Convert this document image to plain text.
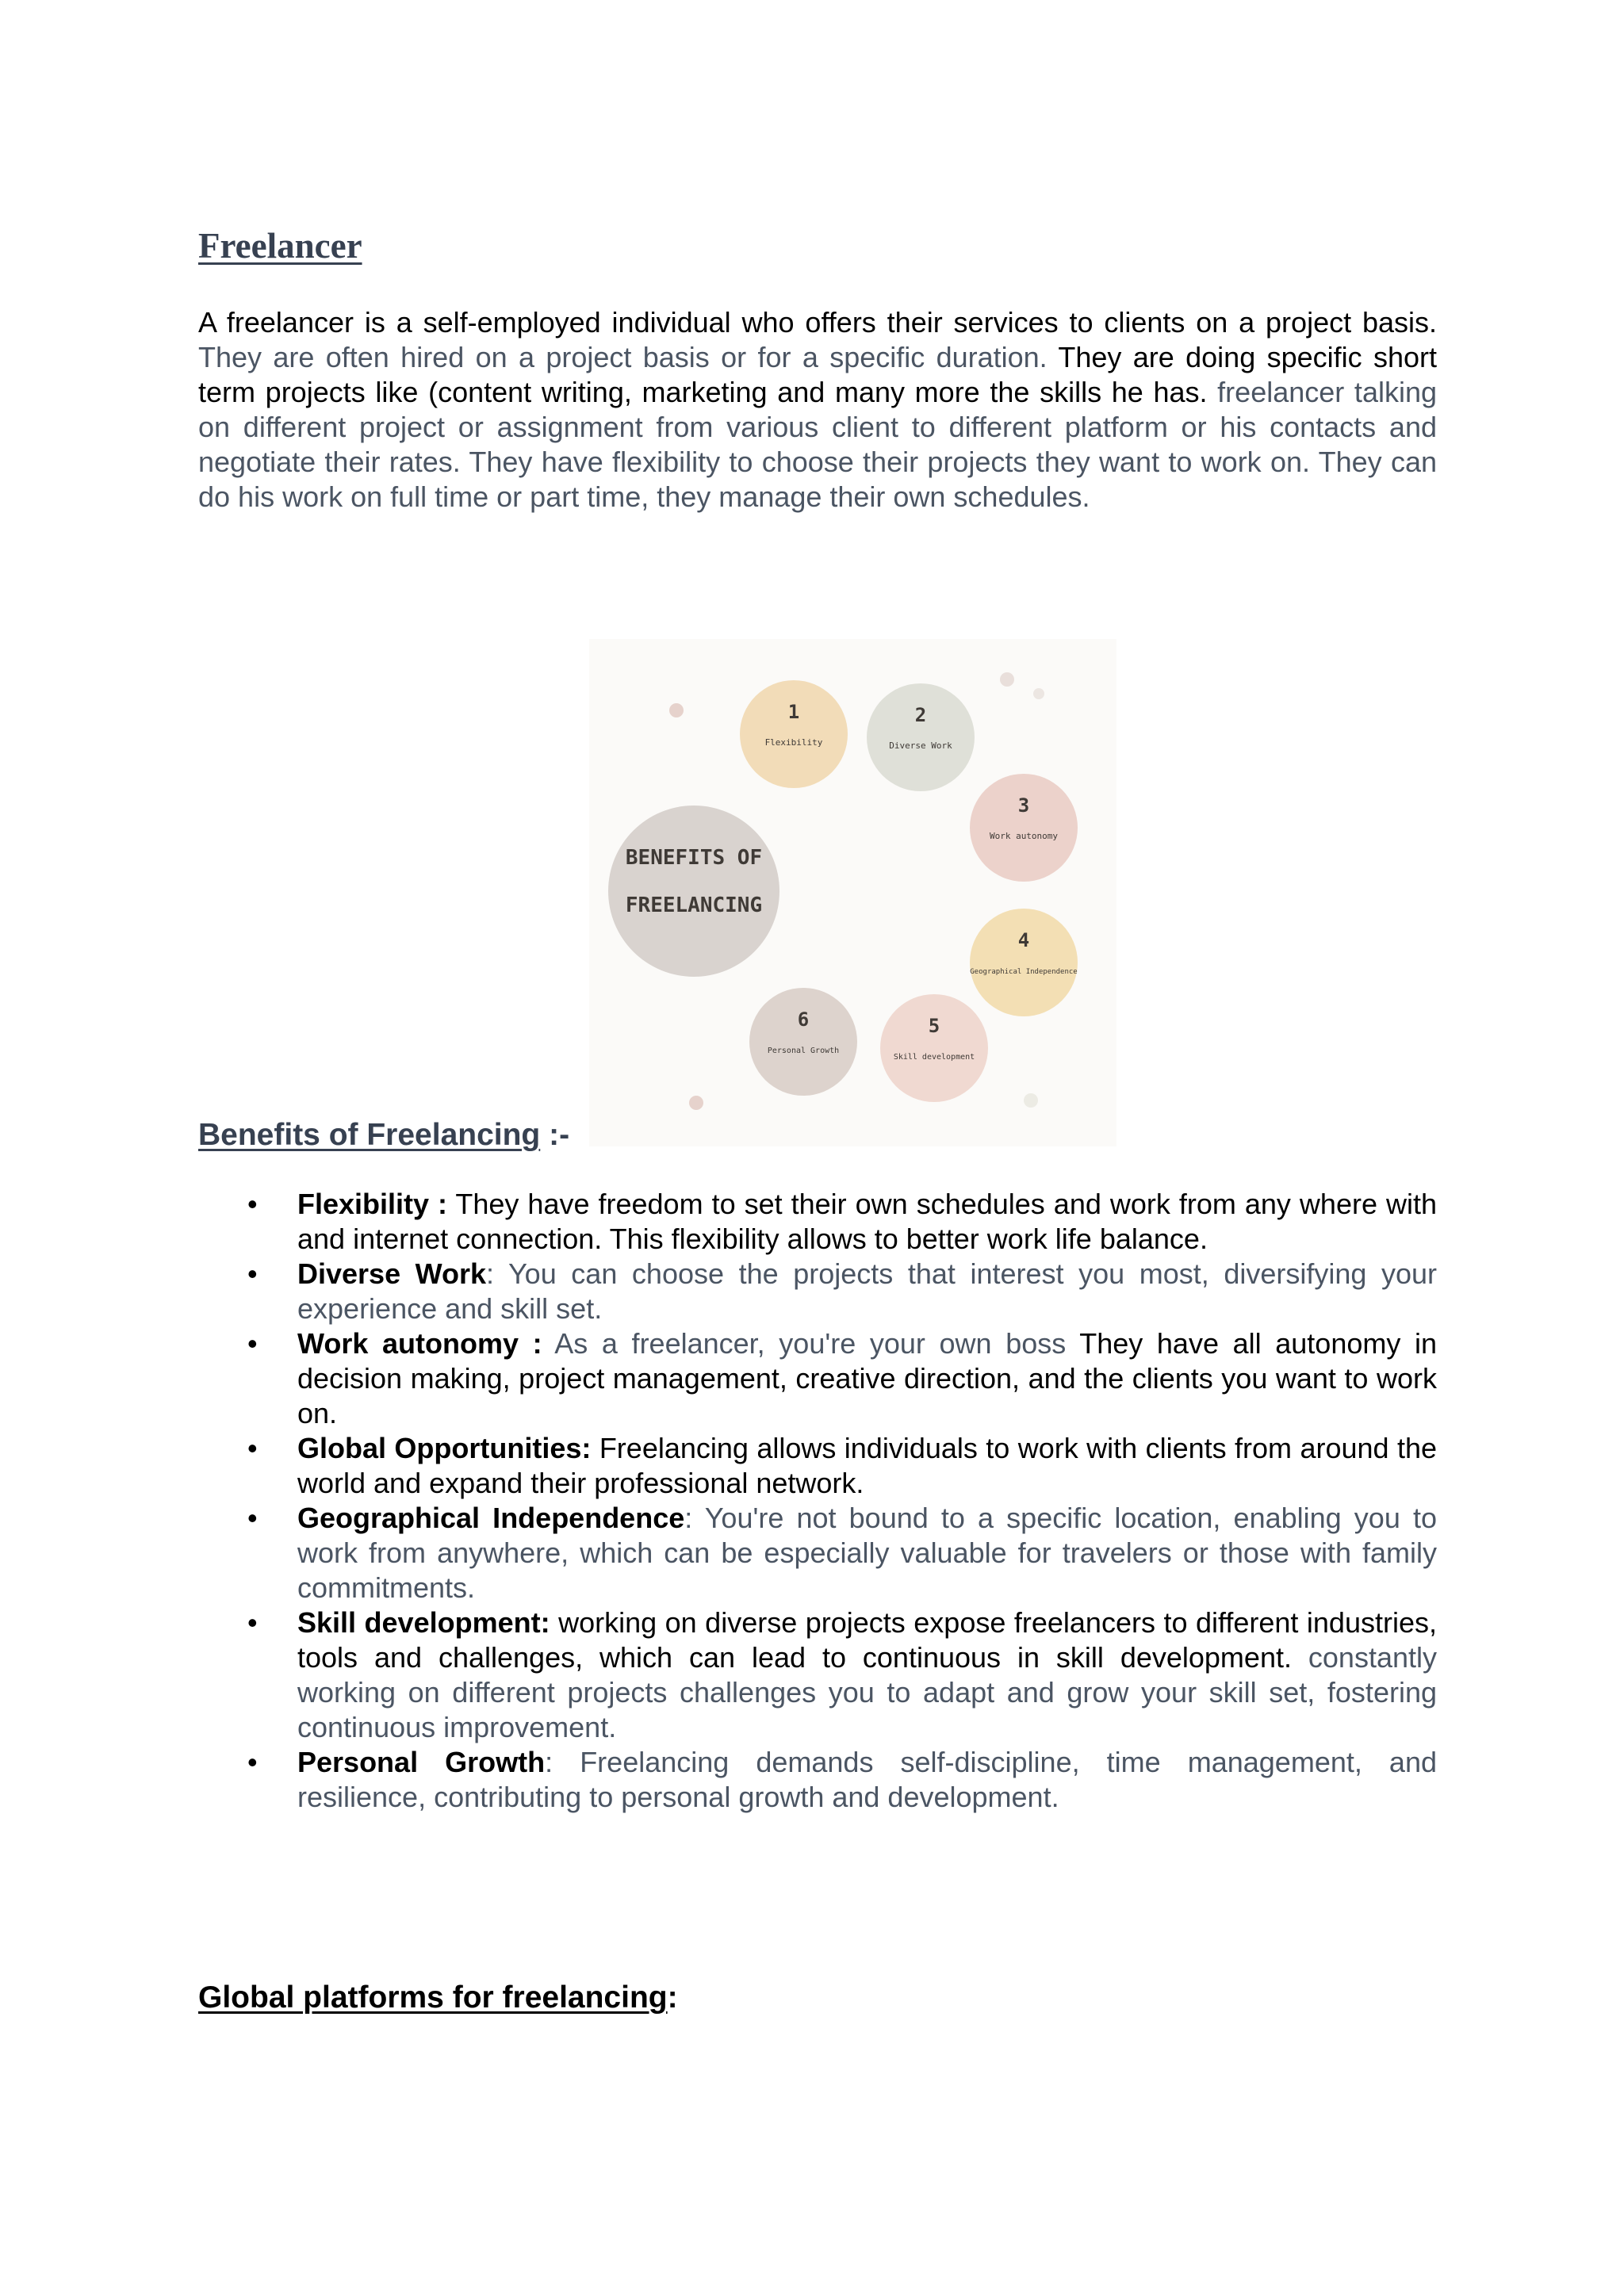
Freelancer

A freelancer is a self-employed individual who offers their services to clients on a project basis. They are often hired on a project basis or for a specific duration. They are doing specific short term projects like (content writing, marketing and many more the skills he has. freelancer talking on different project or assignment from various client to different platform or his contacts and negotiate their rates. They have flexibility to choose their projects they want to work on. They can do his work on full time or part time, they manage their own schedules.

BENEFITS OF
FREELANCING
1
Flexibility
2
Diverse Work
3
Work autonomy
4
Geographical Independence
5
Skill development
6
Personal Growth
Benefits of Freelancing :-
• Flexibility : They have freedom to set their own schedules and work from any where with and internet connection. This flexibility allows to better work life balance.
• Diverse Work: You can choose the projects that interest you most, diversifying your experience and skill set.
• Work autonomy : As a freelancer, you're your own boss They have all autonomy in decision making, project management, creative direction, and the clients you want to work on.
• Global Opportunities: Freelancing allows individuals to work with clients from around the world and expand their professional network.
• Geographical Independence: You're not bound to a specific location, enabling you to work from anywhere, which can be especially valuable for travelers or those with family commitments.
• Skill development: working on diverse projects expose freelancers to different industries, tools and challenges, which can lead to continuous in skill development. constantly working on different projects challenges you to adapt and grow your skill set, fostering continuous improvement.
• Personal Growth: Freelancing demands self-discipline, time management, and resilience, contributing to personal growth and development.
Global platforms for freelancing:
